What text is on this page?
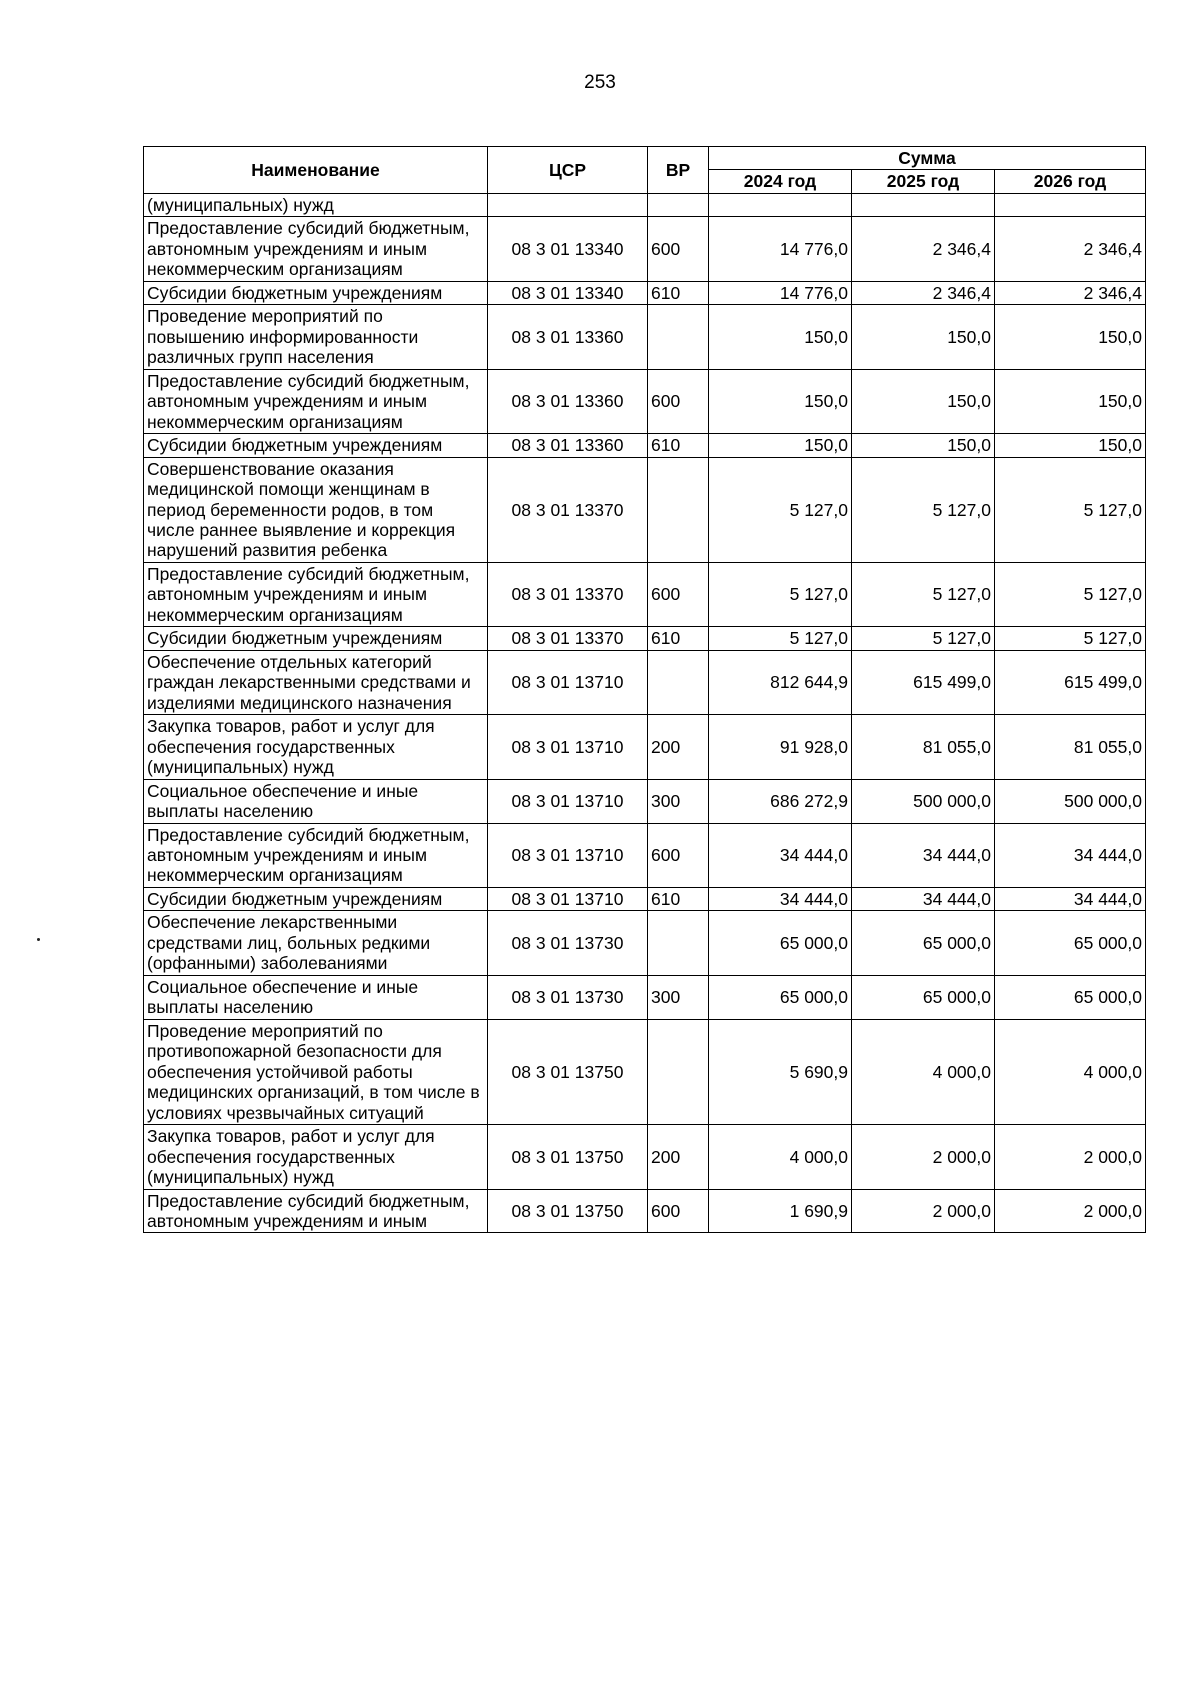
253
Наименование	ЦСР	ВР	Сумма		
			2024 год	2025 год	2026 год
(муниципальных) нужд					
Предоставление субсидий бюджетным, автономным учреждениям и иным некоммерческим организациям	08 3 01 13340	600	14 776,0	2 346,4	2 346,4
Субсидии бюджетным учреждениям	08 3 01 13340	610	14 776,0	2 346,4	2 346,4
Проведение мероприятий по повышению информированности различных групп населения	08 3 01 13360		150,0	150,0	150,0
Предоставление субсидий бюджетным, автономным учреждениям и иным некоммерческим организациям	08 3 01 13360	600	150,0	150,0	150,0
Субсидии бюджетным учреждениям	08 3 01 13360	610	150,0	150,0	150,0
Совершенствование оказания медицинской помощи женщинам в период беременности родов, в том числе раннее выявление и коррекция нарушений развития ребенка	08 3 01 13370		5 127,0	5 127,0	5 127,0
Предоставление субсидий бюджетным, автономным учреждениям и иным некоммерческим организациям	08 3 01 13370	600	5 127,0	5 127,0	5 127,0
Субсидии бюджетным учреждениям	08 3 01 13370	610	5 127,0	5 127,0	5 127,0
Обеспечение отдельных категорий граждан лекарственными средствами и изделиями медицинского назначения	08 3 01 13710		812 644,9	615 499,0	615 499,0
Закупка товаров, работ и услуг для обеспечения государственных (муниципальных) нужд	08 3 01 13710	200	91 928,0	81 055,0	81 055,0
Социальное обеспечение и иные выплаты населению	08 3 01 13710	300	686 272,9	500 000,0	500 000,0
Предоставление субсидий бюджетным, автономным учреждениям и иным некоммерческим организациям	08 3 01 13710	600	34 444,0	34 444,0	34 444,0
Субсидии бюджетным учреждениям	08 3 01 13710	610	34 444,0	34 444,0	34 444,0
Обеспечение лекарственными средствами лиц, больных редкими (орфанными) заболеваниями	08 3 01 13730		65 000,0	65 000,0	65 000,0
Социальное обеспечение и иные выплаты населению	08 3 01 13730	300	65 000,0	65 000,0	65 000,0
Проведение мероприятий по противопожарной безопасности для обеспечения устойчивой работы медицинских организаций, в том числе в условиях чрезвычайных ситуаций	08 3 01 13750		5 690,9	4 000,0	4 000,0
Закупка товаров, работ и услуг для обеспечения государственных (муниципальных) нужд	08 3 01 13750	200	4 000,0	2 000,0	2 000,0
Предоставление субсидий бюджетным, автономным учреждениям и иным	08 3 01 13750	600	1 690,9	2 000,0	2 000,0
